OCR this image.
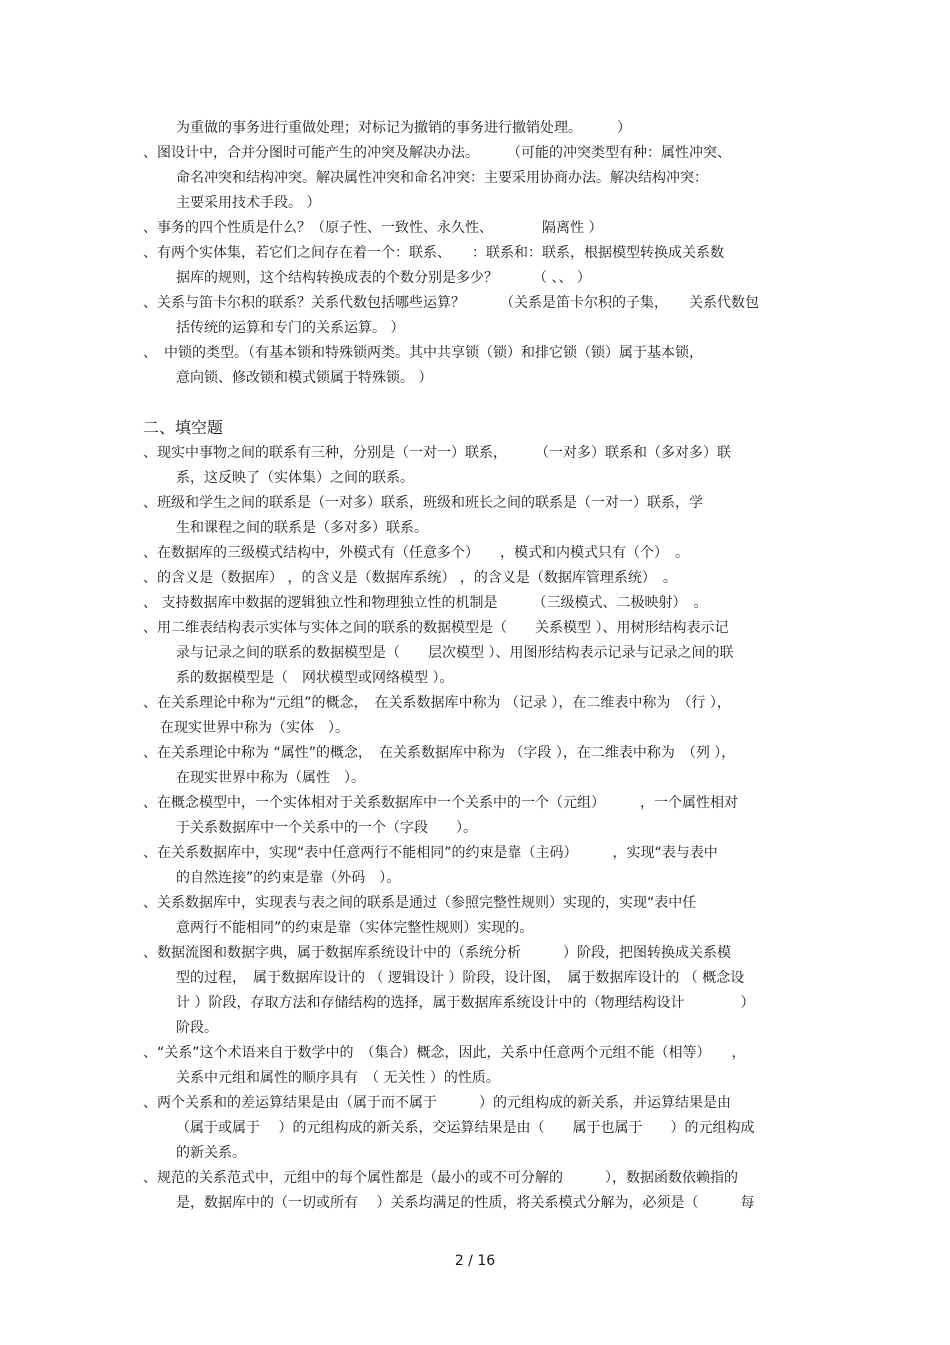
为重做的事务进行重做处理；对标记为撤销的事务进行撤销处理。　　　）
、图设计中，合并分图时可能产生的冲突及解决办法。　　　（可能的冲突类型有种：属性冲突、
命名冲突和结构冲突。解决属性冲突和命名冲突：主要采用协商办法。解决结构冲突：
主要采用技术手段。 ）
、事务的四个性质是什么？（原子性、一致性、永久性、　　　　隔离性 ）
、有两个实体集，若它们之间存在着一个：联系、　　：联系和：联系，根据模型转换成关系数
据库的规则，这个结构转换成表的个数分别是多少？　　　（ 、、 ）
、关系与笛卡尔积的联系？关系代数包括哪些运算？　　　（关系是笛卡尔积的子集，　　关系代数包
括传统的运算和专门的关系运算。 ）
、　中锁的类型。（有基本锁和特殊锁两类。其中共享锁（锁）和排它锁（锁）属于基本锁，
意向锁、修改锁和模式锁属于特殊锁。 ）
二、填空题
、现实中事物之间的联系有三种，分别是（一对一）联系，　　　（一对多）联系和（多对多）联
系，这反映了（实体集）之间的联系。
、班级和学生之间的联系是（一对多）联系，班级和班长之间的联系是（一对一）联系，学
生和课程之间的联系是（多对多）联系。
、在数据库的三级模式结构中，外模式有（任意多个）　　，模式和内模式只有（个）　。
、的含义是（数据库） ，的含义是（数据库系统） ，的含义是（数据库管理系统）　。
、 支持数据库中数据的逻辑独立性和物理独立性的机制是　　　（三级模式、二极映射）　。
、用二维表结构表示实体与实体之间的联系的数据模型是（　　关系模型 ）、用树形结构表示记
录与记录之间的联系的数据模型是（　　层次模型 ）、用图形结构表示记录与记录之间的联
系的数据模型是（　网状模型或网络模型 ）。
、在关系理论中称为“元组”的概念，　在关系数据库中称为 （记录 ），在二维表中称为　（行 ），
在现实世界中称为（实体　）。
、在关系理论中称为 “属性”的概念，　在关系数据库中称为 （字段 ），在二维表中称为　（列 ），
在现实世界中称为（属性　）。
、在概念模型中，一个实体相对于关系数据库中一个关系中的一个（元组）　　　，一个属性相对
于关系数据库中一个关系中的一个（字段　　）。
、在关系数据库中，实现“表中任意两行不能相同”的约束是靠（主码）　　　，实现“表与表中
的自然连接”的约束是靠（外码　）。
、关系数据库中，实现表与表之间的联系是通过（参照完整性规则）实现的，实现“表中任
意两行不能相同”的约束是靠（实体完整性规则）实现的。
、数据流图和数据字典，属于数据库系统设计中的（系统分析　　　）阶段，把图转换成关系模
型的过程，　属于数据库设计的 （ 逻辑设计 ）阶段，设计图，　属于数据库设计的 （ 概念设
计 ）阶段，存取方法和存储结构的选择，属于数据库系统设计中的（物理结构设计　　　　）
阶段。
、“关系”这个术语来自于数学中的　（集合）概念，因此，关系中任意两个元组不能（相等）　　，
关系中元组和属性的顺序具有　（ 无关性 ）的性质。
、两个关系和的差运算结果是由（属于而不属于　　　）的元组构成的新关系，并运算结果是由
（属于或属于　 ）的元组构成的新关系，交运算结果是由（　　属于也属于　　）的元组构成
的新关系。
、规范的关系范式中，元组中的每个属性都是（最小的或不可分解的　　　），数据函数依赖指的
是，数据库中的（一切或所有　 ）关系均满足的性质，将关系模式分解为，必须是（　　　每
2 / 16
